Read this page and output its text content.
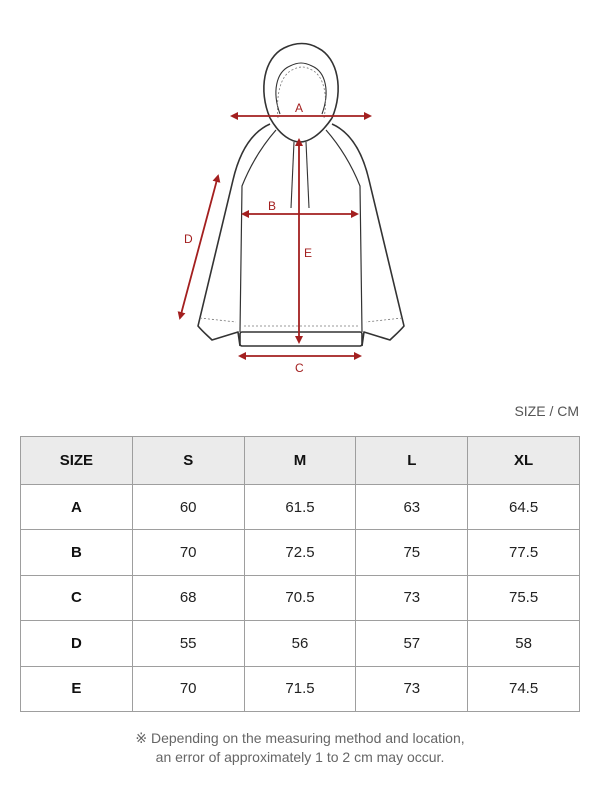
A
B
C
D
E
SIZE / CM
SIZE	S	M	L	XL
A	60	61.5	63	64.5
B	70	72.5	75	77.5
C	68	70.5	73	75.5
D	55	56	57	58
E	70	71.5	73	74.5

※ Depending on the measuring method and location,

an error of approximately 1 to 2 cm may occur.
